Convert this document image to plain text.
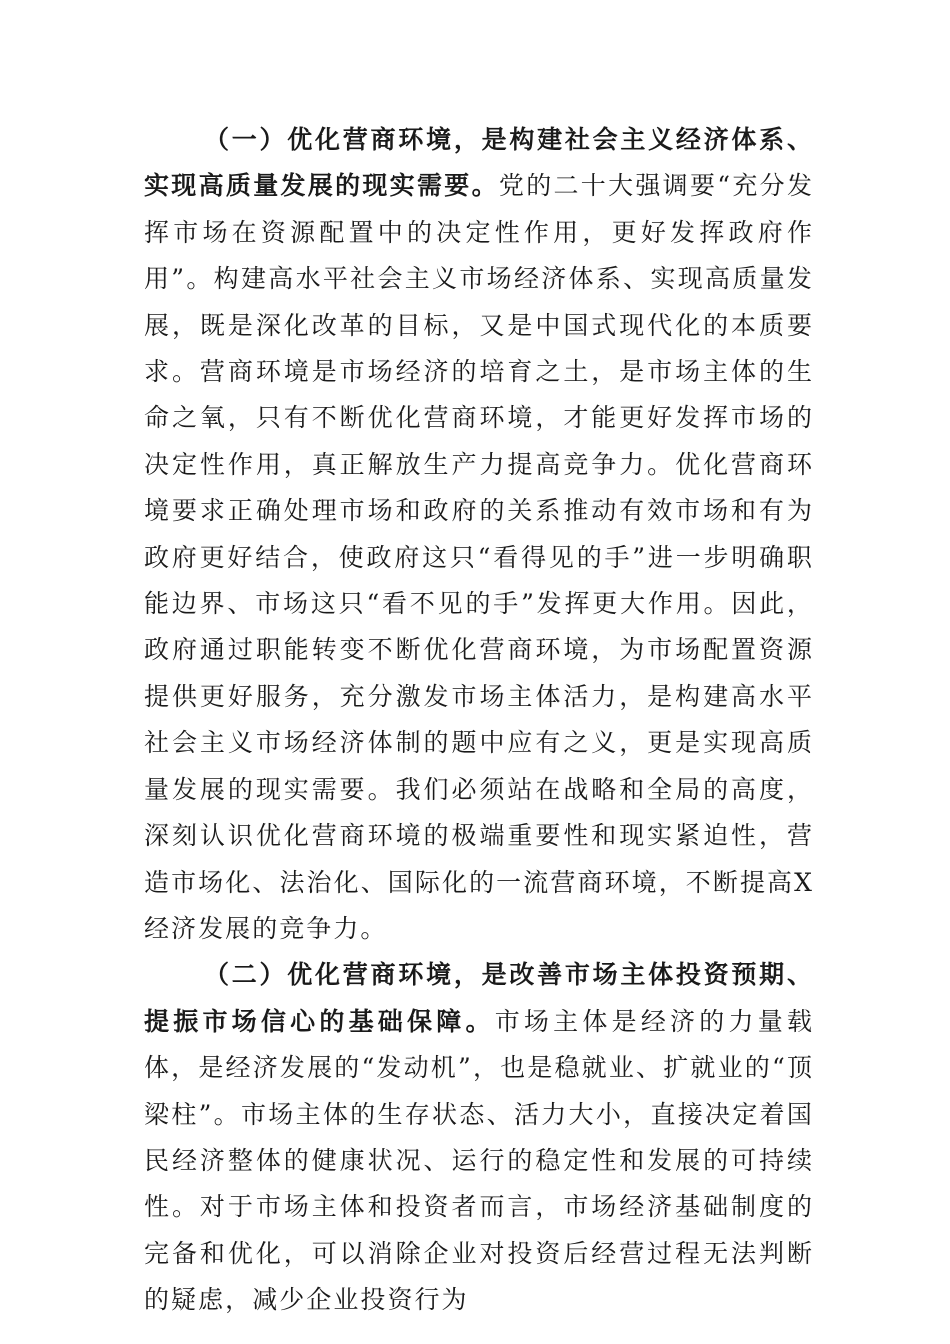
（一）优化营商环境，是构建社会主义经济体系、实现高质量发展的现实需要。党的二十大强调要“充分发挥市场在资源配置中的决定性作用，更好发挥政府作用”。构建高水平社会主义市场经济体系、实现高质量发展，既是深化改革的目标，又是中国式现代化的本质要求。营商环境是市场经济的培育之土，是市场主体的生命之氧，只有不断优化营商环境，才能更好发挥市场的决定性作用，真正解放生产力提高竞争力。优化营商环境要求正确处理市场和政府的关系推动有效市场和有为政府更好结合，使政府这只“看得见的手”进一步明确职能边界、市场这只“看不见的手”发挥更大作用。因此，政府通过职能转变不断优化营商环境，为市场配置资源提供更好服务，充分激发市场主体活力，是构建高水平社会主义市场经济体制的题中应有之义，更是实现高质量发展的现实需要。我们必须站在战略和全局的高度，深刻认识优化营商环境的极端重要性和现实紧迫性，营造市场化、法治化、国际化的一流营商环境，不断提高X经济发展的竞争力。

（二）优化营商环境，是改善市场主体投资预期、提振市场信心的基础保障。市场主体是经济的力量载体，是经济发展的“发动机”，也是稳就业、扩就业的“顶梁柱”。市场主体的生存状态、活力大小，直接决定着国民经济整体的健康状况、运行的稳定性和发展的可持续性。对于市场主体和投资者而言，市场经济基础制度的完备和优化，可以消除企业对投资后经营过程无法判断的疑虑，减少企业投资行为
